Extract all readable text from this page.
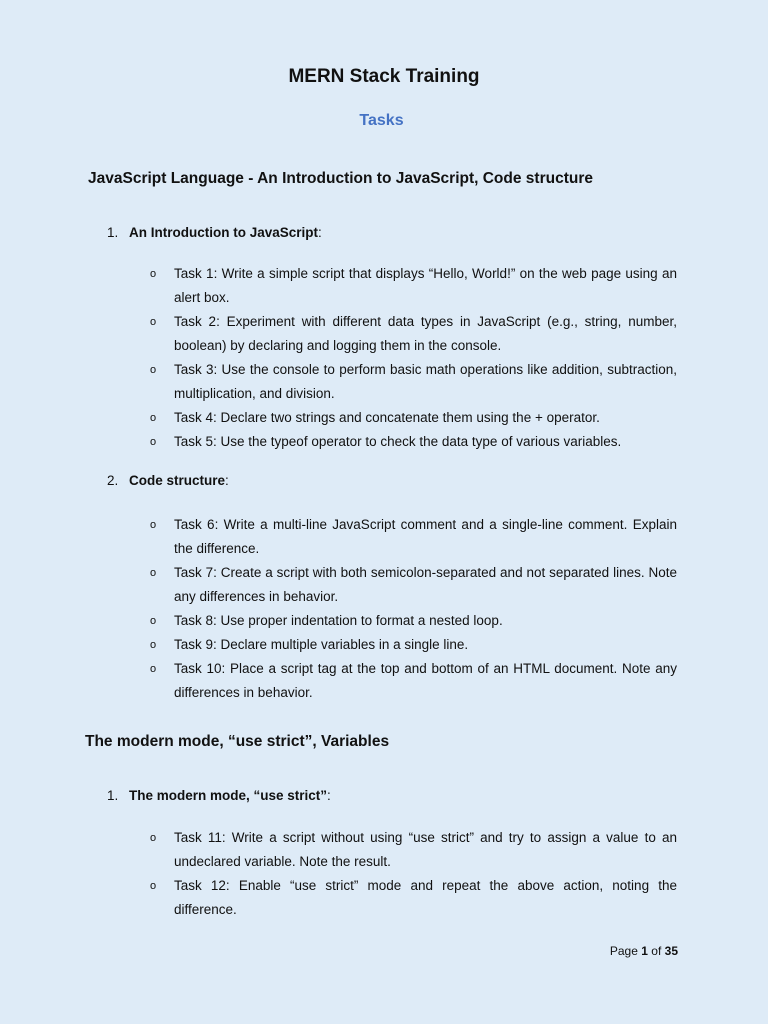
MERN Stack Training
Tasks
JavaScript Language - An Introduction to JavaScript, Code structure
1. An Introduction to JavaScript:
o Task 1: Write a simple script that displays “Hello, World!” on the web page using an alert box.
o Task 2: Experiment with different data types in JavaScript (e.g., string, number, boolean) by declaring and logging them in the console.
o Task 3: Use the console to perform basic math operations like addition, subtraction, multiplication, and division.
o Task 4: Declare two strings and concatenate them using the + operator.
o Task 5: Use the typeof operator to check the data type of various variables.
2. Code structure:
o Task 6: Write a multi-line JavaScript comment and a single-line comment. Explain the difference.
o Task 7: Create a script with both semicolon-separated and not separated lines. Note any differences in behavior.
o Task 8: Use proper indentation to format a nested loop.
o Task 9: Declare multiple variables in a single line.
o Task 10: Place a script tag at the top and bottom of an HTML document. Note any differences in behavior.
The modern mode, “use strict”, Variables
1. The modern mode, “use strict”:
o Task 11: Write a script without using “use strict” and try to assign a value to an undeclared variable. Note the result.
o Task 12: Enable “use strict” mode and repeat the above action, noting the difference.
Page 1 of 35
